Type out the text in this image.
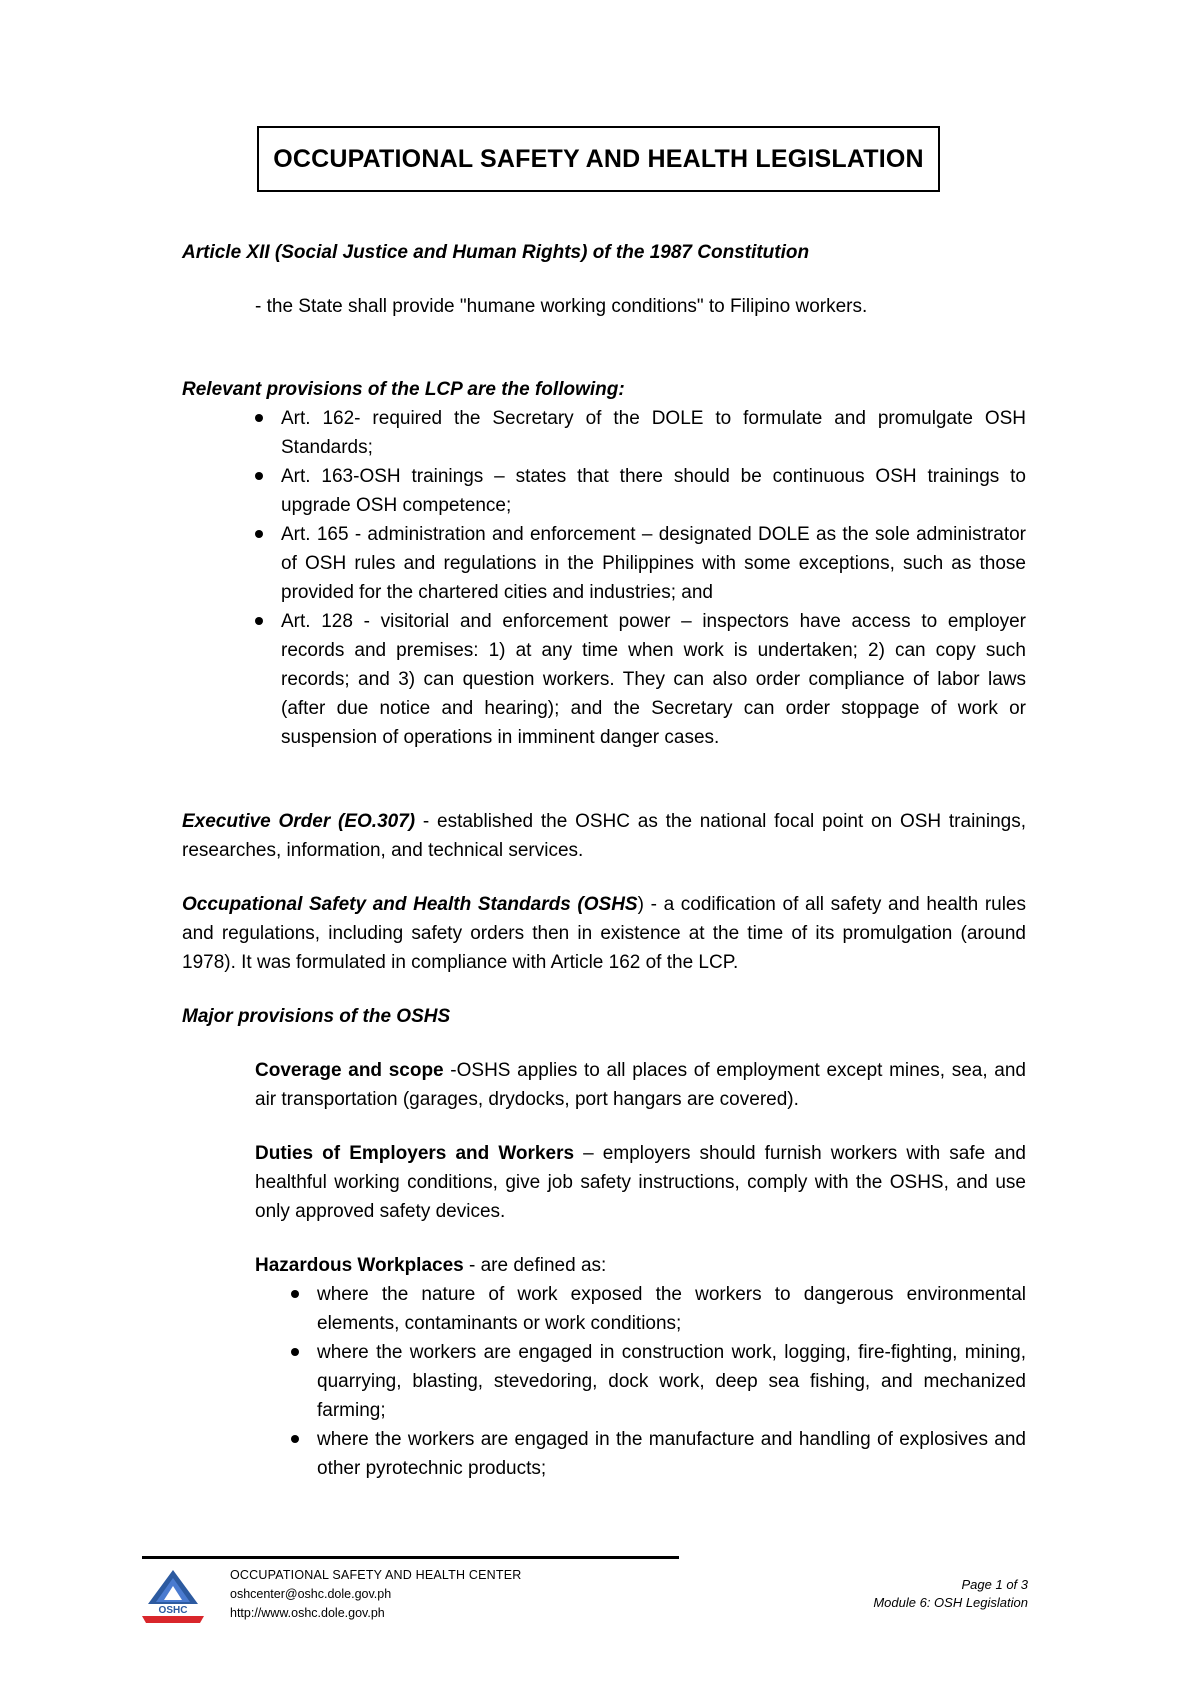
OCCUPATIONAL SAFETY AND HEALTH LEGISLATION

Article XII (Social Justice and Human Rights) of the 1987 Constitution

- the State shall provide "humane working conditions" to Filipino workers.

Relevant provisions of the LCP are the following:

Art. 162- required the Secretary of the DOLE to formulate and promulgate OSH Standards;
Art. 163-OSH trainings – states that there should be continuous OSH trainings to upgrade OSH competence;
Art. 165 - administration and enforcement – designated DOLE as the sole administrator of OSH rules and regulations in the Philippines with some exceptions, such as those provided for the chartered cities and industries; and
Art. 128 - visitorial and enforcement power – inspectors have access to employer records and premises: 1) at any time when work is undertaken; 2) can copy such records; and 3) can question workers. They can also order compliance of labor laws (after due notice and hearing); and the Secretary can order stoppage of work or suspension of operations in imminent danger cases.

Executive Order (EO.307) - established the OSHC as the national focal point on OSH trainings, researches, information, and technical services.

Occupational Safety and Health Standards (OSHS) - a codification of all safety and health rules and regulations, including safety orders then in existence at the time of its promulgation (around 1978). It was formulated in compliance with Article 162 of the LCP.

Major provisions of the OSHS

Coverage and scope -OSHS applies to all places of employment except mines, sea, and air transportation (garages, drydocks, port hangars are covered).

Duties of Employers and Workers – employers should furnish workers with safe and healthful working conditions, give job safety instructions, comply with the OSHS, and use only approved safety devices.

Hazardous Workplaces - are defined as:

where the nature of work exposed the workers to dangerous environmental elements, contaminants or work conditions;
where the workers are engaged in construction work, logging, fire-fighting, mining, quarrying, blasting, stevedoring, dock work, deep sea fishing, and mechanized farming;
where the workers are engaged in the manufacture and handling of explosives and other pyrotechnic products;
OSHC
OCCUPATIONAL SAFETY AND HEALTH CENTER
oshcenter@oshc.dole.gov.ph
http://www.oshc.dole.gov.ph
Page 1 of 3
Module 6: OSH Legislation
